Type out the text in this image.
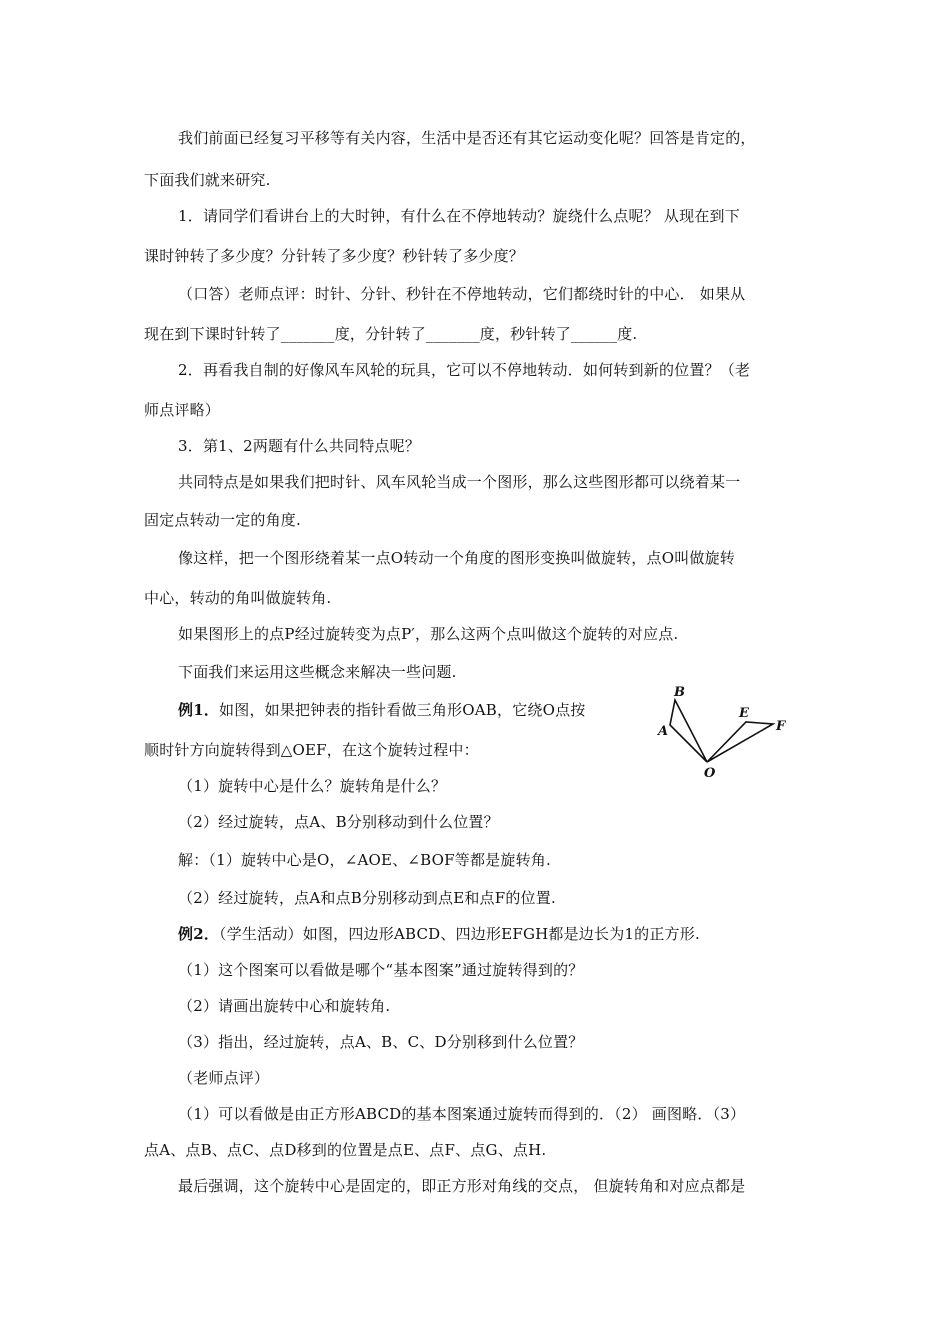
我们前面已经复习平移等有关内容，生活中是否还有其它运动变化呢？回答是肯定的，
下面我们就来研究.
1．请同学们看讲台上的大时钟，有什么在不停地转动？旋绕什么点呢？ 从现在到下
课时钟转了多少度？分针转了多少度？秒针转了多少度？
（口答）老师点评：时针、分针、秒针在不停地转动，它们都绕时针的中心． 如果从
现在到下课时针转了_______度，分针转了_______度，秒针转了______度.
2．再看我自制的好像风车风轮的玩具，它可以不停地转动．如何转到新的位置？（老
师点评略）
3．第1、2两题有什么共同特点呢？
共同特点是如果我们把时针、风车风轮当成一个图形，那么这些图形都可以绕着某一
固定点转动一定的角度.
像这样，把一个图形绕着某一点O转动一个角度的图形变换叫做旋转，点O叫做旋转
中心，转动的角叫做旋转角.
如果图形上的点P经过旋转变为点P′，那么这两个点叫做这个旋转的对应点.
下面我们来运用这些概念来解决一些问题.
例1．如图，如果把钟表的指针看做三角形OAB，它绕O点按
顺时针方向旋转得到△OEF，在这个旋转过程中：
（1）旋转中心是什么？旋转角是什么？
（2）经过旋转，点A、B分别移动到什么位置？
解：（1）旋转中心是O，∠AOE、∠BOF等都是旋转角.
（2）经过旋转，点A和点B分别移动到点E和点F的位置.
例2．（学生活动）如图，四边形ABCD、四边形EFGH都是边长为1的正方形.
（1）这个图案可以看做是哪个“基本图案”通过旋转得到的？
（2）请画出旋转中心和旋转角.
（3）指出，经过旋转，点A、B、C、D分别移到什么位置？
（老师点评）
（1）可以看做是由正方形ABCD的基本图案通过旋转而得到的．（2） 画图略．（3）
点A、点B、点C、点D移到的位置是点E、点F、点G、点H.
最后强调，这个旋转中心是固定的，即正方形对角线的交点， 但旋转角和对应点都是
B
A
E
F
O
